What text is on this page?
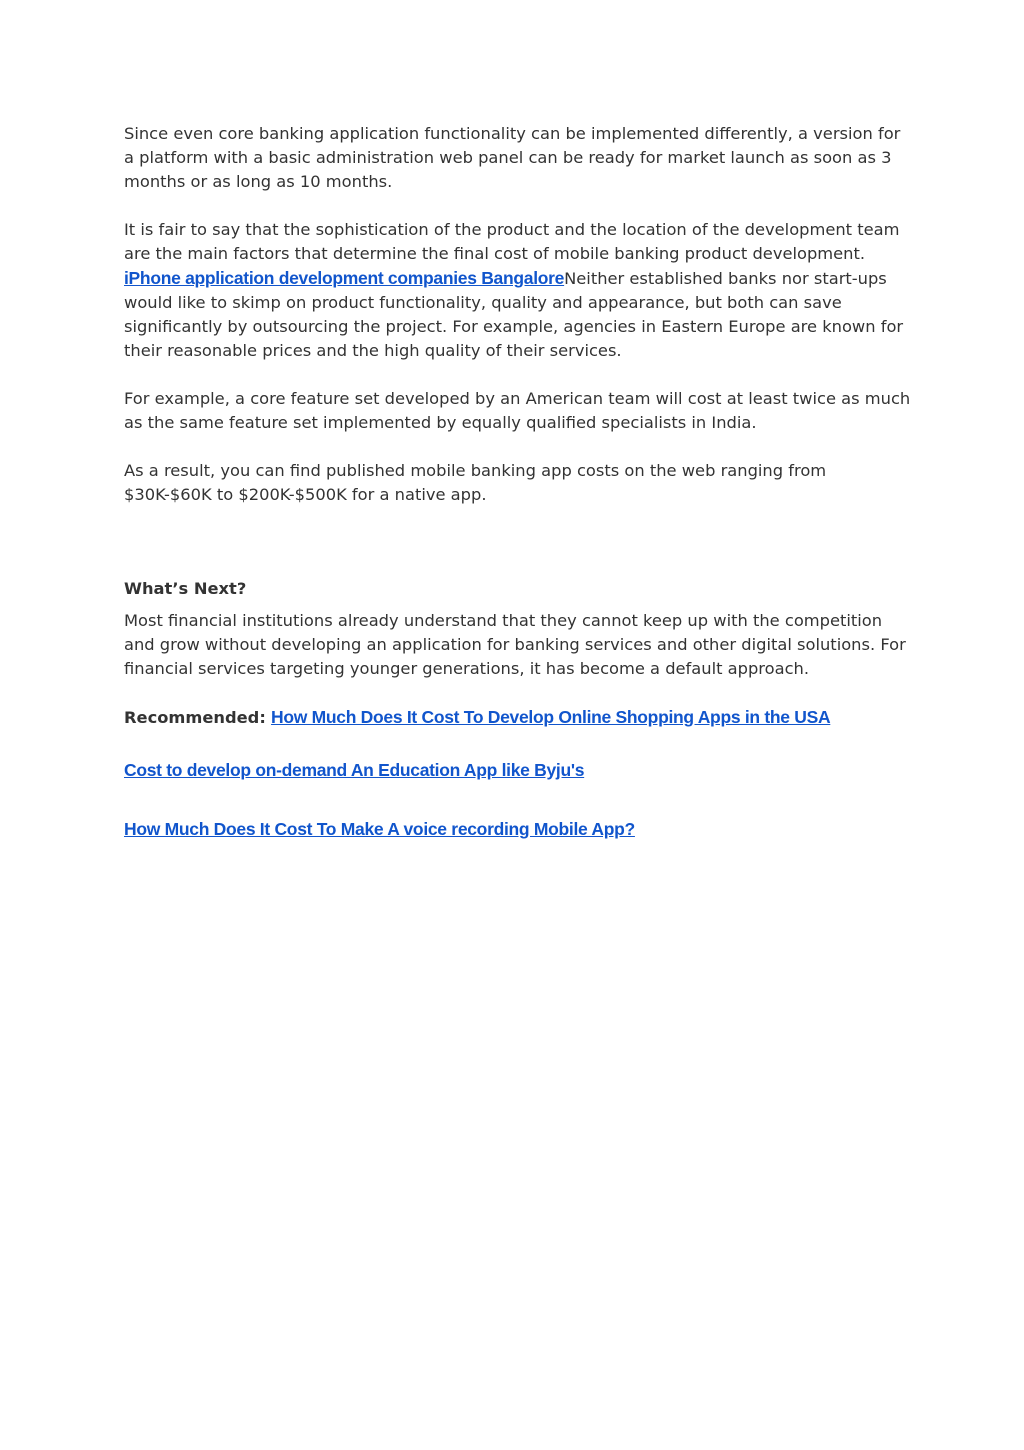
Since even core banking application functionality can be implemented differently, a version for a platform with a basic administration web panel can be ready for market launch as soon as 3 months or as long as 10 months.

It is fair to say that the sophistication of the product and the location of the development team are the main factors that determine the final cost of mobile banking product development. iPhone application development companies BangaloreNeither established banks nor start-ups would like to skimp on product functionality, quality and appearance, but both can save significantly by outsourcing the project. For example, agencies in Eastern Europe are known for their reasonable prices and the high quality of their services.

For example, a core feature set developed by an American team will cost at least twice as much as the same feature set implemented by equally qualified specialists in India.

As a result, you can find published mobile banking app costs on the web ranging from $30K-$60K to $200K-$500K for a native app.

What’s Next?

Most financial institutions already understand that they cannot keep up with the competition and grow without developing an application for banking services and other digital solutions. For financial services targeting younger generations, it has become a default approach.

Recommended: How Much Does It Cost To Develop Online Shopping Apps in the USA
Cost to develop on-demand An Education App like Byju's
How Much Does It Cost To Make A voice recording Mobile App?
